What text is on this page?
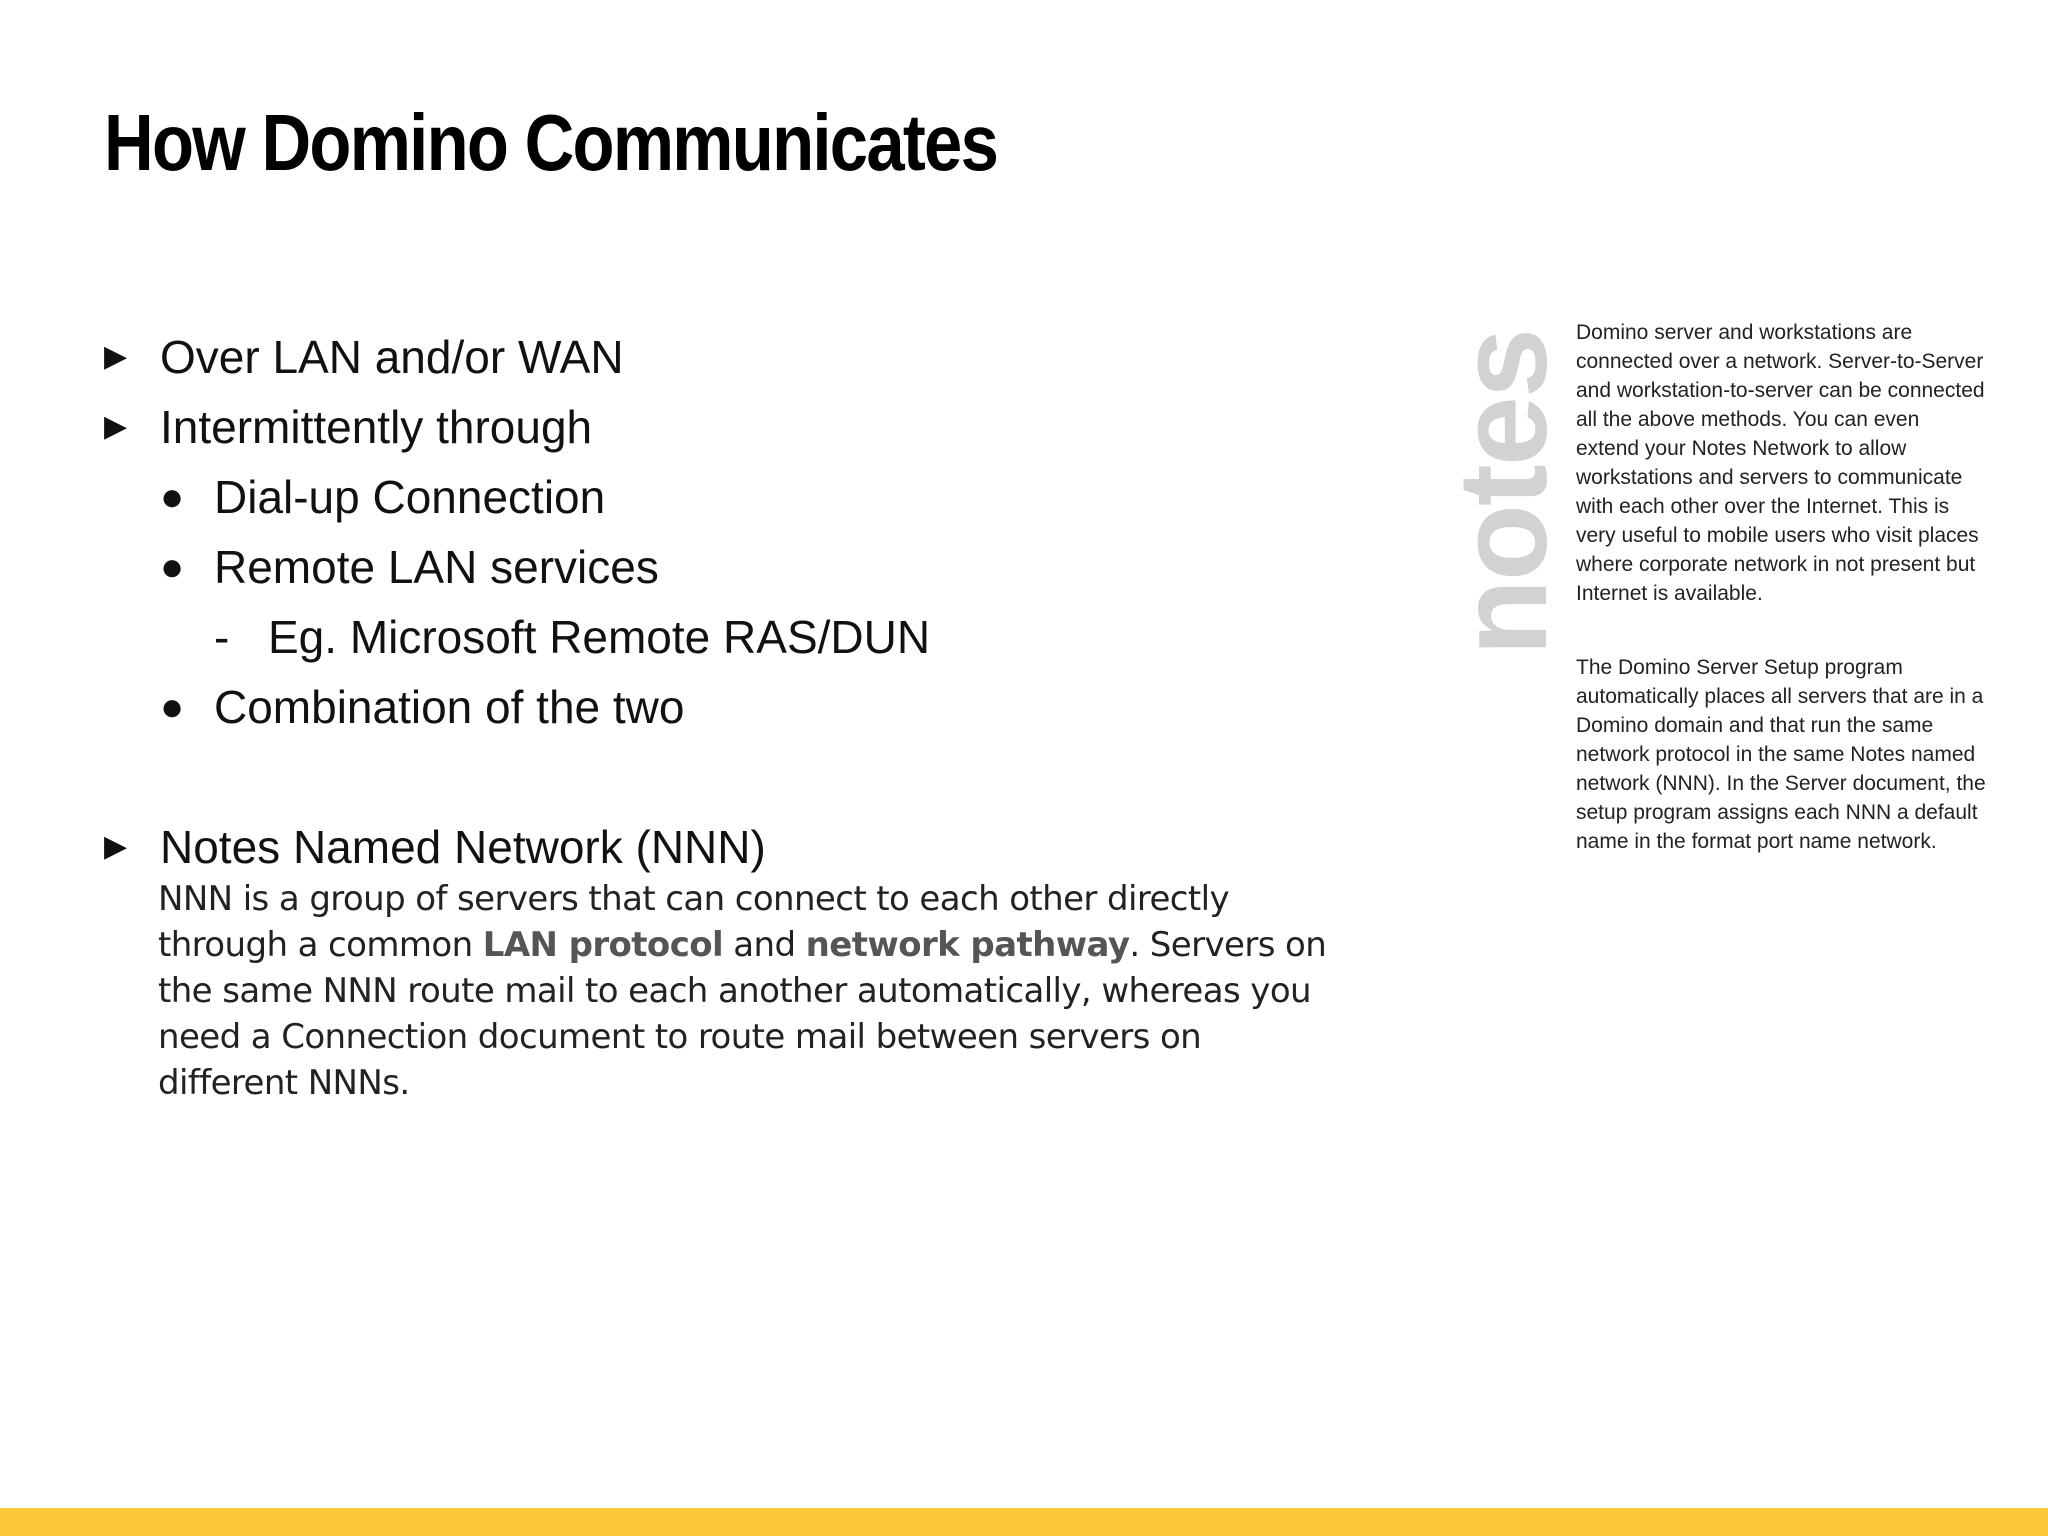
How Domino Communicates
▶ Over LAN and/or WAN
▶ Intermittently through
● Dial-up Connection
● Remote LAN services
- Eg. Microsoft Remote RAS/DUN
● Combination of the two
▶ Notes Named Network (NNN)

NNN is a group of servers that can connect to each other directly through a common LAN protocol and network pathway. Servers on the same NNN route mail to each another automatically, whereas you need a Connection document to route mail between servers on different NNNs.

notes Domino server and workstations are connected over a network. Server-to-Server and workstation-to-server can be connected all the above methods. You can even extend your Notes Network to allow workstations and servers to communicate with each other over the Internet. This is very useful to mobile users who visit places where corporate network in not present but Internet is available.

The Domino Server Setup program automatically places all servers that are in a Domino domain and that run the same network protocol in the same Notes named network (NNN). In the Server document, the setup program assigns each NNN a default name in the format port name network.
